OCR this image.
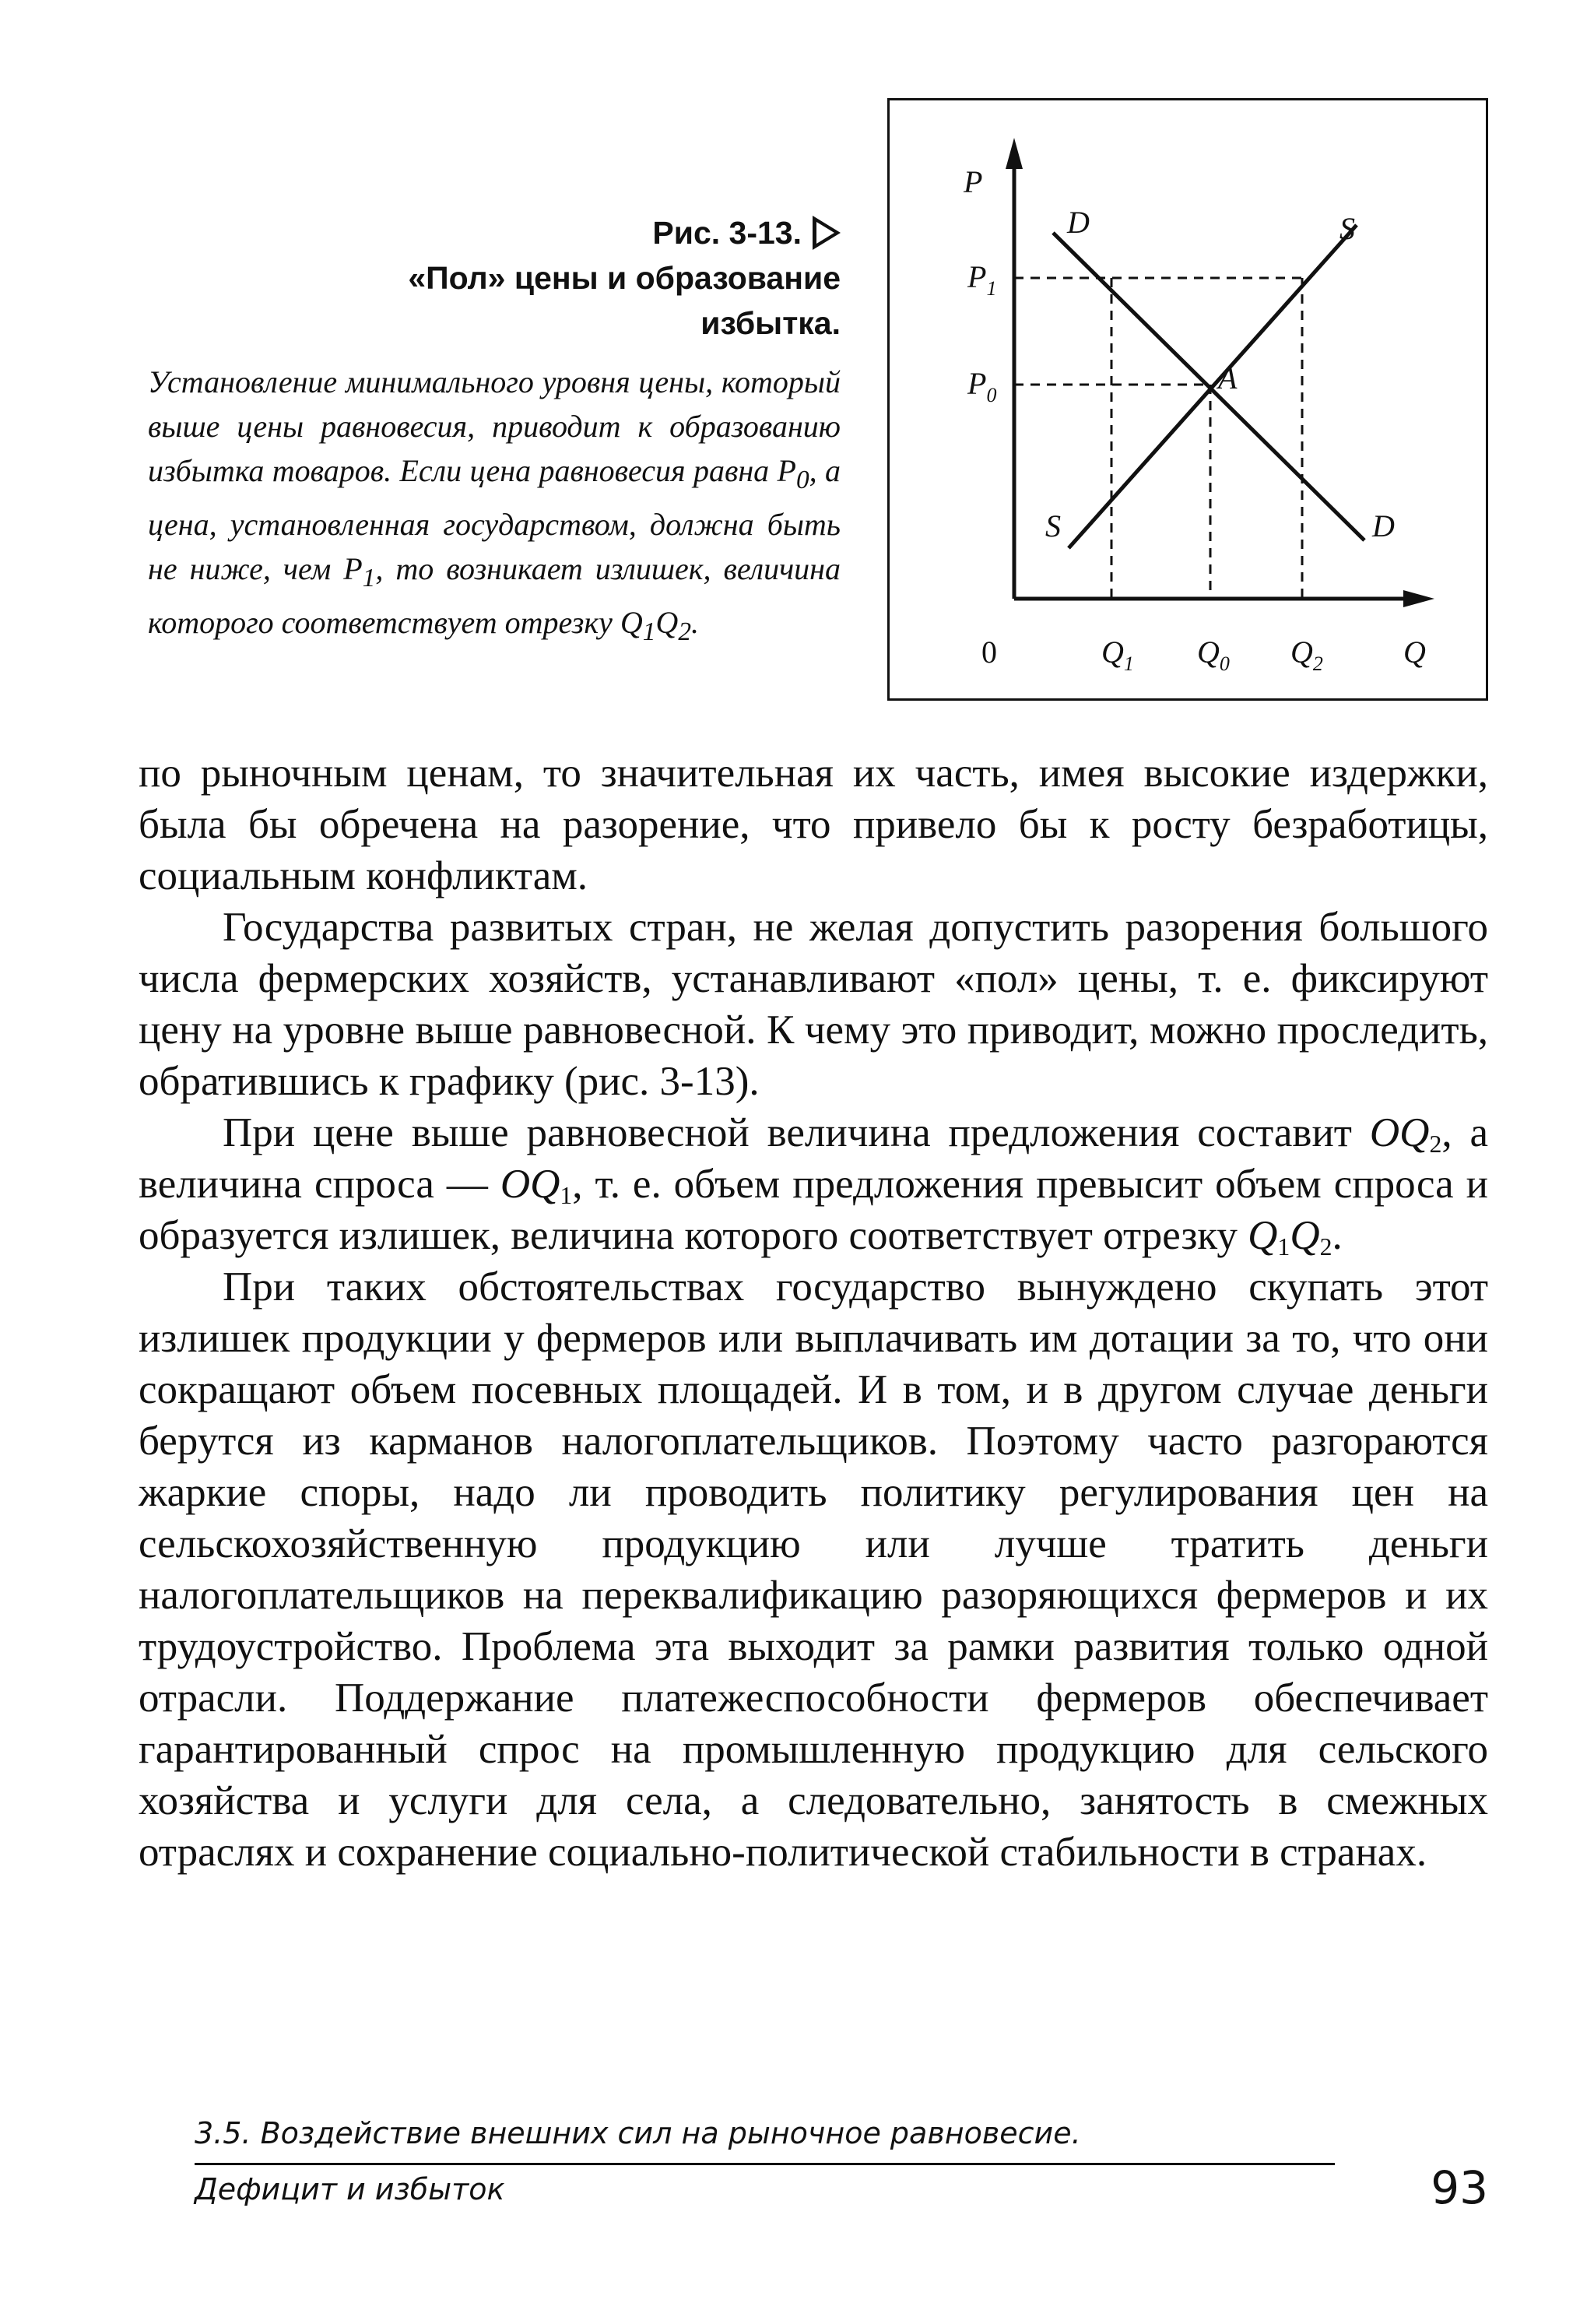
Рис. 3-13.
«Пол» цены и образование
избытка.
Установление минимального уровня цены, который выше цены равновесия, приводит к образованию избытка товаров. Если цена равновесия равна $P_0$, а цена, установленная государством, должна быть не ниже, чем $P_1$, то возникает излишек, величина которого соответствует отрезку $Q_1Q_2$.
P
$P_1$
$P_0$
D	S
A
S	D
Q
$Q_1$ $Q_0$ $Q_2$
0

по рыночным ценам, то значительная их часть, имея высокие издержки, была бы обречена на разорение, что привело бы к росту безработицы, социальным конфликтам.

Государства развитых стран, не желая допустить разорения большого числа фермерских хозяйств, устанавливают «пол» цены, т. е. фиксируют цену на уровне выше равновесной. К чему это приводит, можно проследить, обратившись к графику (рис. 3-13).

При цене выше равновесной величина предложения составит $OQ_2$, а величина спроса — $OQ_1$, т. е. объем предложения превысит объем спроса и образуется излишек, величина которого соответствует отрезку $Q_1Q_2$.

При таких обстоятельствах государство вынуждено скупать этот излишек продукции у фермеров или выплачивать им дотации за то, что они сокращают объем посевных площадей. И в том, и в другом случае деньги берутся из карманов налогоплательщиков. Поэтому часто разгораются жаркие споры, надо ли проводить политику регулирования цен на сельскохозяйственную продукцию или лучше тратить деньги налогоплательщиков на переквалификацию разоряющихся фермеров и их трудоустройство. Проблема эта выходит за рамки развития только одной отрасли. Поддержание платежеспособности фермеров обеспечивает гарантированный спрос на промышленную продукцию для сельского хозяйства и услуги для села, а следовательно, занятость в смежных отраслях и сохранение социально-политической стабильности в странах.

3.5. Воздействие внешних сил на рыночное равновесие.
Дефицит и избыток	93
